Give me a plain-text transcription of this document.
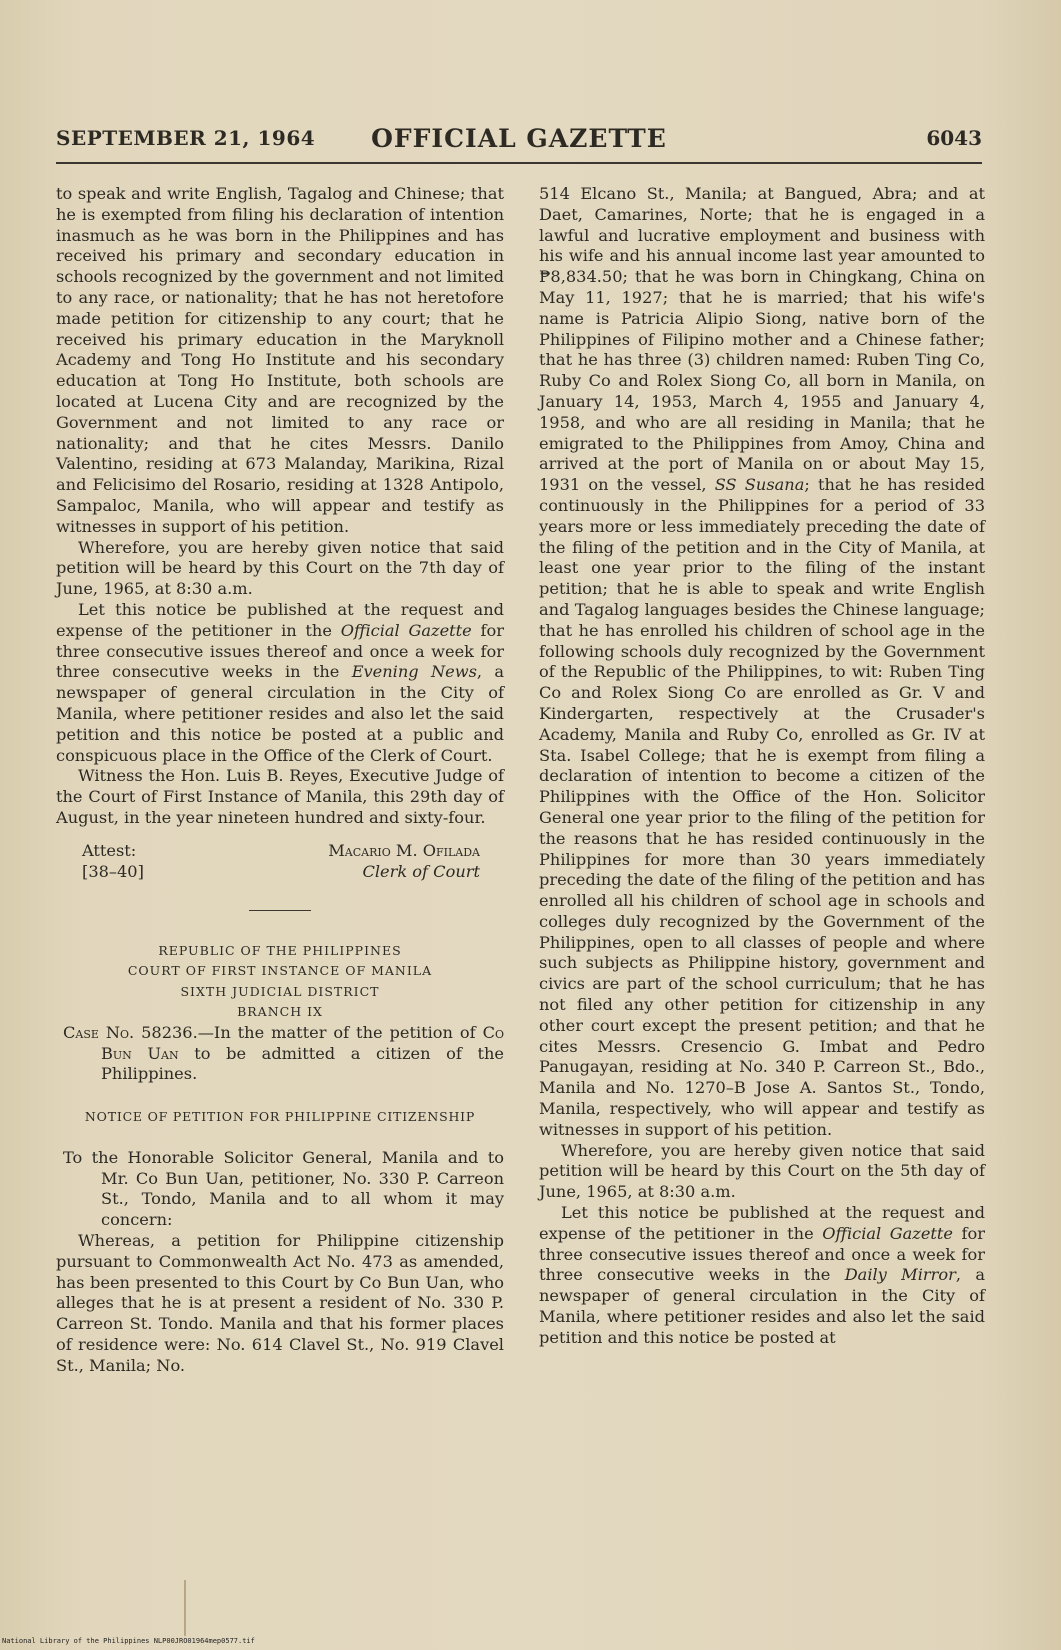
SEPTEMBER 21, 1964	OFFICIAL GAZETTE	6043

to speak and write English, Tagalog and Chinese; that he is exempted from filing his declaration of intention inasmuch as he was born in the Philippines and has received his primary and secondary education in schools recognized by the government and not limited to any race, or nationality; that he has not heretofore made petition for citizenship to any court; that he received his primary education in the Maryknoll Academy and Tong Ho Institute and his secondary education at Tong Ho Institute, both schools are located at Lucena City and are recognized by the Government and not limited to any race or nationality; and that he cites Messrs. Danilo Valentino, residing at 673 Malanday, Marikina, Rizal and Felicisimo del Rosario, residing at 1328 Antipolo, Sampaloc, Manila, who will appear and testify as witnesses in support of his petition.

Wherefore, you are hereby given notice that said petition will be heard by this Court on the 7th day of June, 1965, at 8:30 a.m.

Let this notice be published at the request and expense of the petitioner in the Official Gazette for three consecutive issues thereof and once a week for three consecutive weeks in the Evening News, a newspaper of general circulation in the City of Manila, where petitioner resides and also let the said petition and this notice be posted at a public and conspicuous place in the Office of the Clerk of Court.

Witness the Hon. Luis B. Reyes, Executive Judge of the Court of First Instance of Manila, this 29th day of August, in the year nineteen hundred and sixty-four.

Attest:	Macario M. Ofilada
[38–40]	Clerk of Court
REPUBLIC OF THE PHILIPPINES
COURT OF FIRST INSTANCE OF MANILA
SIXTH JUDICIAL DISTRICT
BRANCH IX

Case No. 58236.—In the matter of the petition of Co Bun Uan to be admitted a citizen of the Philippines.

NOTICE OF PETITION FOR PHILIPPINE CITIZENSHIP

To the Honorable Solicitor General, Manila and to Mr. Co Bun Uan, petitioner, No. 330 P. Carreon St., Tondo, Manila and to all whom it may concern:

Whereas, a petition for Philippine citizenship pursuant to Commonwealth Act No. 473 as amended, has been presented to this Court by Co Bun Uan, who alleges that he is at present a resident of No. 330 P. Carreon St. Tondo. Manila and that his former places of residence were: No. 614 Clavel St., No. 919 Clavel St., Manila; No.

514 Elcano St., Manila; at Bangued, Abra; and at Daet, Camarines, Norte; that he is engaged in a lawful and lucrative employment and business with his wife and his annual income last year amounted to ₱8,834.50; that he was born in Chingkang, China on May 11, 1927; that he is married; that his wife's name is Patricia Alipio Siong, native born of the Philippines of Filipino mother and a Chinese father; that he has three (3) children named: Ruben Ting Co, Ruby Co and Rolex Siong Co, all born in Manila, on January 14, 1953, March 4, 1955 and January 4, 1958, and who are all residing in Manila; that he emigrated to the Philippines from Amoy, China and arrived at the port of Manila on or about May 15, 1931 on the vessel, SS Susana; that he has resided continuously in the Philippines for a period of 33 years more or less immediately preceding the date of the filing of the petition and in the City of Manila, at least one year prior to the filing of the instant petition; that he is able to speak and write English and Tagalog languages besides the Chinese language; that he has enrolled his children of school age in the following schools duly recognized by the Government of the Republic of the Philippines, to wit: Ruben Ting Co and Rolex Siong Co are enrolled as Gr. V and Kindergarten, respectively at the Crusader's Academy, Manila and Ruby Co, enrolled as Gr. IV at Sta. Isabel College; that he is exempt from filing a declaration of intention to become a citizen of the Philippines with the Office of the Hon. Solicitor General one year prior to the filing of the petition for the reasons that he has resided continuously in the Philippines for more than 30 years immediately preceding the date of the filing of the petition and has enrolled all his children of school age in schools and colleges duly recognized by the Government of the Philippines, open to all classes of people and where such subjects as Philippine history, government and civics are part of the school curriculum; that he has not filed any other petition for citizenship in any other court except the present petition; and that he cites Messrs. Cresencio G. Imbat and Pedro Panugayan, residing at No. 340 P. Carreon St., Bdo., Manila and No. 1270–B Jose A. Santos St., Tondo, Manila, respectively, who will appear and testify as witnesses in support of his petition.

Wherefore, you are hereby given notice that said petition will be heard by this Court on the 5th day of June, 1965, at 8:30 a.m.

Let this notice be published at the request and expense of the petitioner in the Official Gazette for three consecutive issues thereof and once a week for three consecutive weeks in the Daily Mirror, a newspaper of general circulation in the City of Manila, where petitioner resides and also let the said petition and this notice be posted at

National Library of the Philippines NLP00JRO01964mep0577.tif
